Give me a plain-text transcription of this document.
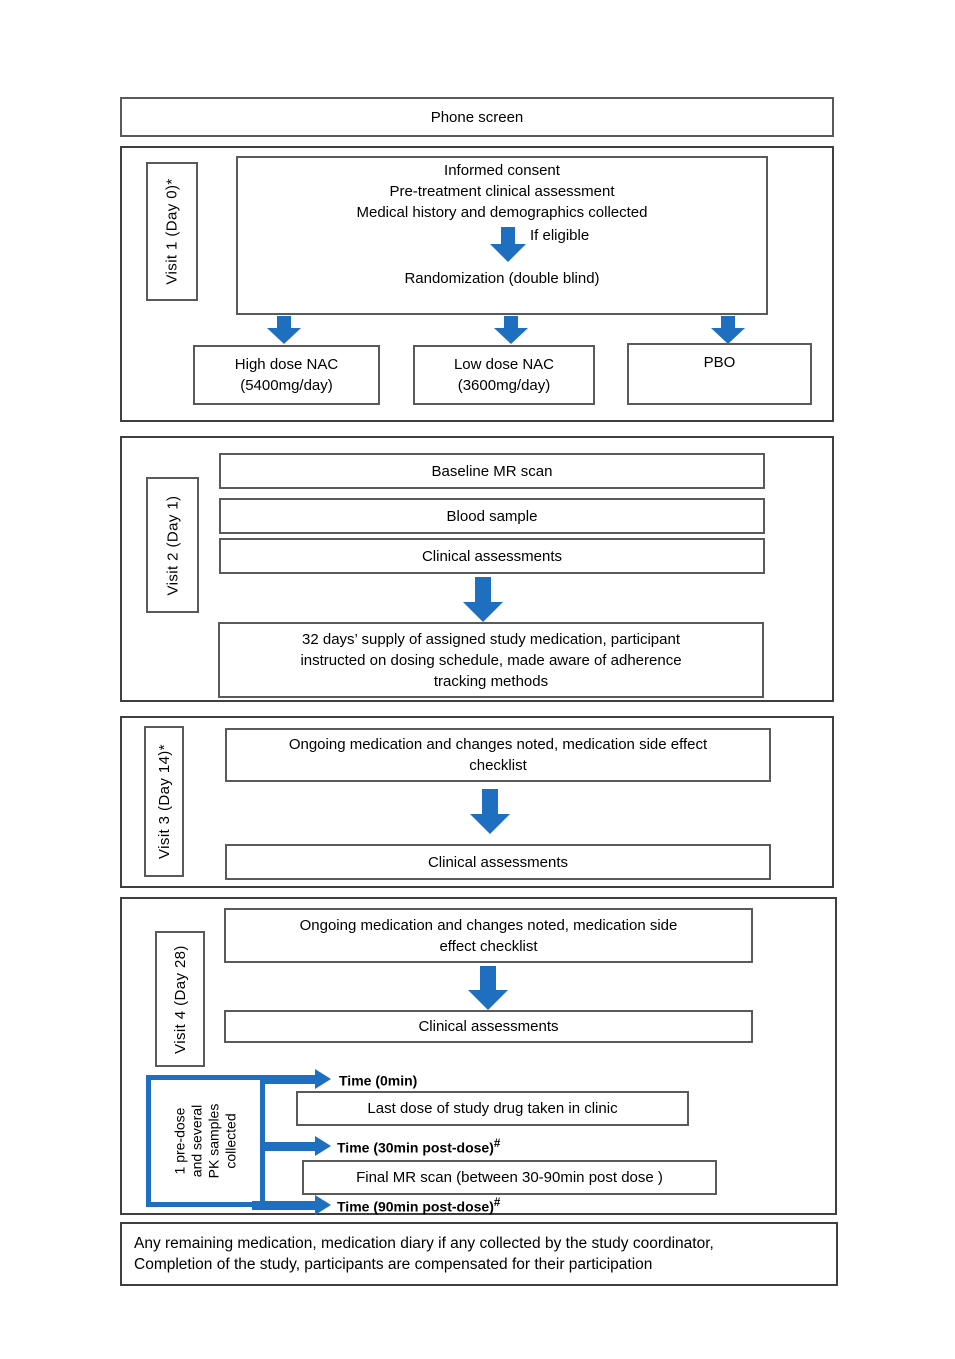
Phone screen
Visit 1 (Day 0)*
Informed consent
Pre-treatment clinical assessment
Medical history and demographics collected
If eligible
Randomization (double blind)
High dose NAC
(5400mg/day)
Low dose NAC
(3600mg/day)
PBO
Visit 2 (Day 1)
Baseline MR scan
Blood sample
Clinical assessments
32 days’ supply of assigned study medication, participant
instructed on dosing schedule, made aware of adherence
tracking methods
Visit 3 (Day 14)*	Ongoing medication and changes noted, medication side effect
checklist
Clinical assessments
Visit 4 (Day 28)
Ongoing medication and changes noted, medication side
effect checklist
Clinical assessments
1 pre-dose and several PK samples collected
Time (0min)
Last dose of study drug taken in clinic
Time (30min post-dose)#
Final MR scan (between 30-90min post dose )
Time (90min post-dose)#
Any remaining medication, medication diary if any collected by the study coordinator,
Completion of the study, participants are compensated for their participation
